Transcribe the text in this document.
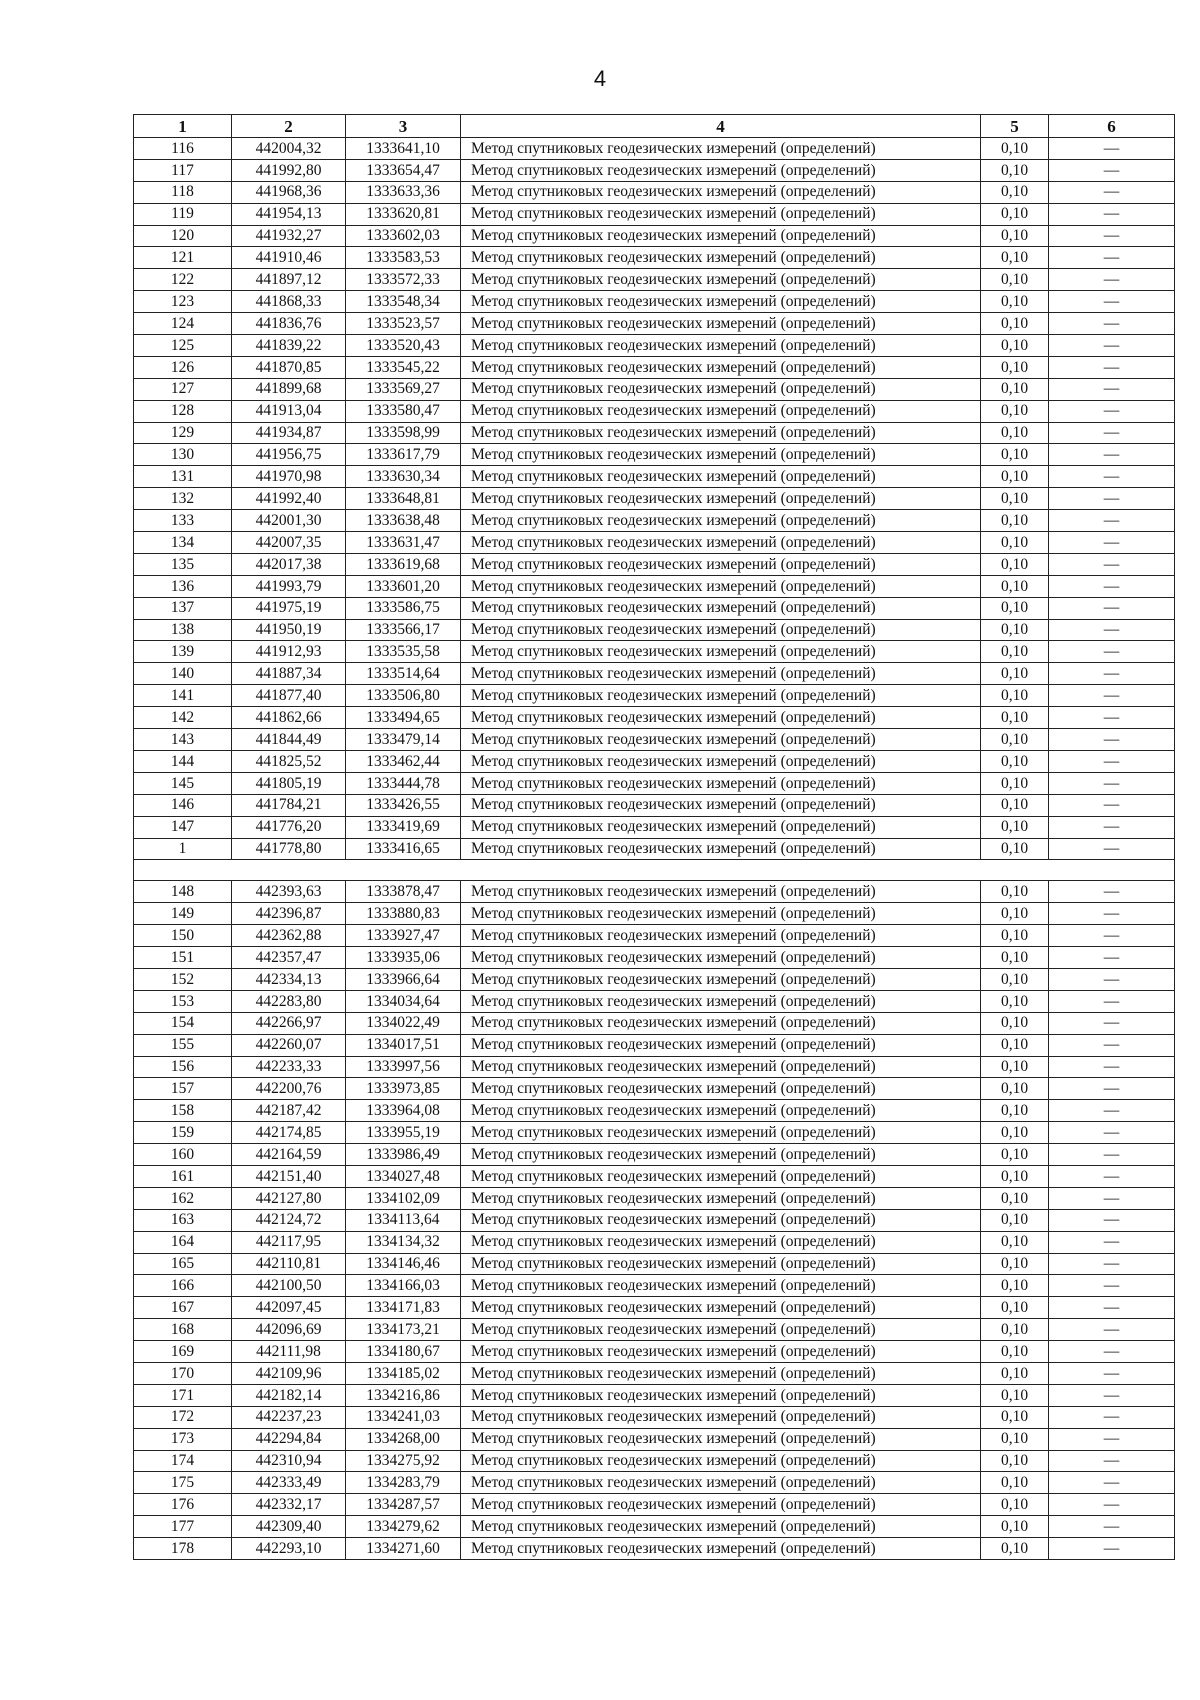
4
1	2	3	4	5	6
116	442004,32	1333641,10	Метод спутниковых геодезических измерений (определений)	0,10	—
117	441992,80	1333654,47	Метод спутниковых геодезических измерений (определений)	0,10	—
118	441968,36	1333633,36	Метод спутниковых геодезических измерений (определений)	0,10	—
119	441954,13	1333620,81	Метод спутниковых геодезических измерений (определений)	0,10	—
120	441932,27	1333602,03	Метод спутниковых геодезических измерений (определений)	0,10	—
121	441910,46	1333583,53	Метод спутниковых геодезических измерений (определений)	0,10	—
122	441897,12	1333572,33	Метод спутниковых геодезических измерений (определений)	0,10	—
123	441868,33	1333548,34	Метод спутниковых геодезических измерений (определений)	0,10	—
124	441836,76	1333523,57	Метод спутниковых геодезических измерений (определений)	0,10	—
125	441839,22	1333520,43	Метод спутниковых геодезических измерений (определений)	0,10	—
126	441870,85	1333545,22	Метод спутниковых геодезических измерений (определений)	0,10	—
127	441899,68	1333569,27	Метод спутниковых геодезических измерений (определений)	0,10	—
128	441913,04	1333580,47	Метод спутниковых геодезических измерений (определений)	0,10	—
129	441934,87	1333598,99	Метод спутниковых геодезических измерений (определений)	0,10	—
130	441956,75	1333617,79	Метод спутниковых геодезических измерений (определений)	0,10	—
131	441970,98	1333630,34	Метод спутниковых геодезических измерений (определений)	0,10	—
132	441992,40	1333648,81	Метод спутниковых геодезических измерений (определений)	0,10	—
133	442001,30	1333638,48	Метод спутниковых геодезических измерений (определений)	0,10	—
134	442007,35	1333631,47	Метод спутниковых геодезических измерений (определений)	0,10	—
135	442017,38	1333619,68	Метод спутниковых геодезических измерений (определений)	0,10	—
136	441993,79	1333601,20	Метод спутниковых геодезических измерений (определений)	0,10	—
137	441975,19	1333586,75	Метод спутниковых геодезических измерений (определений)	0,10	—
138	441950,19	1333566,17	Метод спутниковых геодезических измерений (определений)	0,10	—
139	441912,93	1333535,58	Метод спутниковых геодезических измерений (определений)	0,10	—
140	441887,34	1333514,64	Метод спутниковых геодезических измерений (определений)	0,10	—
141	441877,40	1333506,80	Метод спутниковых геодезических измерений (определений)	0,10	—
142	441862,66	1333494,65	Метод спутниковых геодезических измерений (определений)	0,10	—
143	441844,49	1333479,14	Метод спутниковых геодезических измерений (определений)	0,10	—
144	441825,52	1333462,44	Метод спутниковых геодезических измерений (определений)	0,10	—
145	441805,19	1333444,78	Метод спутниковых геодезических измерений (определений)	0,10	—
146	441784,21	1333426,55	Метод спутниковых геодезических измерений (определений)	0,10	—
147	441776,20	1333419,69	Метод спутниковых геодезических измерений (определений)	0,10	—
1	441778,80	1333416,65	Метод спутниковых геодезических измерений (определений)	0,10	—

148	442393,63	1333878,47	Метод спутниковых геодезических измерений (определений)	0,10	—
149	442396,87	1333880,83	Метод спутниковых геодезических измерений (определений)	0,10	—
150	442362,88	1333927,47	Метод спутниковых геодезических измерений (определений)	0,10	—
151	442357,47	1333935,06	Метод спутниковых геодезических измерений (определений)	0,10	—
152	442334,13	1333966,64	Метод спутниковых геодезических измерений (определений)	0,10	—
153	442283,80	1334034,64	Метод спутниковых геодезических измерений (определений)	0,10	—
154	442266,97	1334022,49	Метод спутниковых геодезических измерений (определений)	0,10	—
155	442260,07	1334017,51	Метод спутниковых геодезических измерений (определений)	0,10	—
156	442233,33	1333997,56	Метод спутниковых геодезических измерений (определений)	0,10	—
157	442200,76	1333973,85	Метод спутниковых геодезических измерений (определений)	0,10	—
158	442187,42	1333964,08	Метод спутниковых геодезических измерений (определений)	0,10	—
159	442174,85	1333955,19	Метод спутниковых геодезических измерений (определений)	0,10	—
160	442164,59	1333986,49	Метод спутниковых геодезических измерений (определений)	0,10	—
161	442151,40	1334027,48	Метод спутниковых геодезических измерений (определений)	0,10	—
162	442127,80	1334102,09	Метод спутниковых геодезических измерений (определений)	0,10	—
163	442124,72	1334113,64	Метод спутниковых геодезических измерений (определений)	0,10	—
164	442117,95	1334134,32	Метод спутниковых геодезических измерений (определений)	0,10	—
165	442110,81	1334146,46	Метод спутниковых геодезических измерений (определений)	0,10	—
166	442100,50	1334166,03	Метод спутниковых геодезических измерений (определений)	0,10	—
167	442097,45	1334171,83	Метод спутниковых геодезических измерений (определений)	0,10	—
168	442096,69	1334173,21	Метод спутниковых геодезических измерений (определений)	0,10	—
169	442111,98	1334180,67	Метод спутниковых геодезических измерений (определений)	0,10	—
170	442109,96	1334185,02	Метод спутниковых геодезических измерений (определений)	0,10	—
171	442182,14	1334216,86	Метод спутниковых геодезических измерений (определений)	0,10	—
172	442237,23	1334241,03	Метод спутниковых геодезических измерений (определений)	0,10	—
173	442294,84	1334268,00	Метод спутниковых геодезических измерений (определений)	0,10	—
174	442310,94	1334275,92	Метод спутниковых геодезических измерений (определений)	0,10	—
175	442333,49	1334283,79	Метод спутниковых геодезических измерений (определений)	0,10	—
176	442332,17	1334287,57	Метод спутниковых геодезических измерений (определений)	0,10	—
177	442309,40	1334279,62	Метод спутниковых геодезических измерений (определений)	0,10	—
178	442293,10	1334271,60	Метод спутниковых геодезических измерений (определений)	0,10	—
